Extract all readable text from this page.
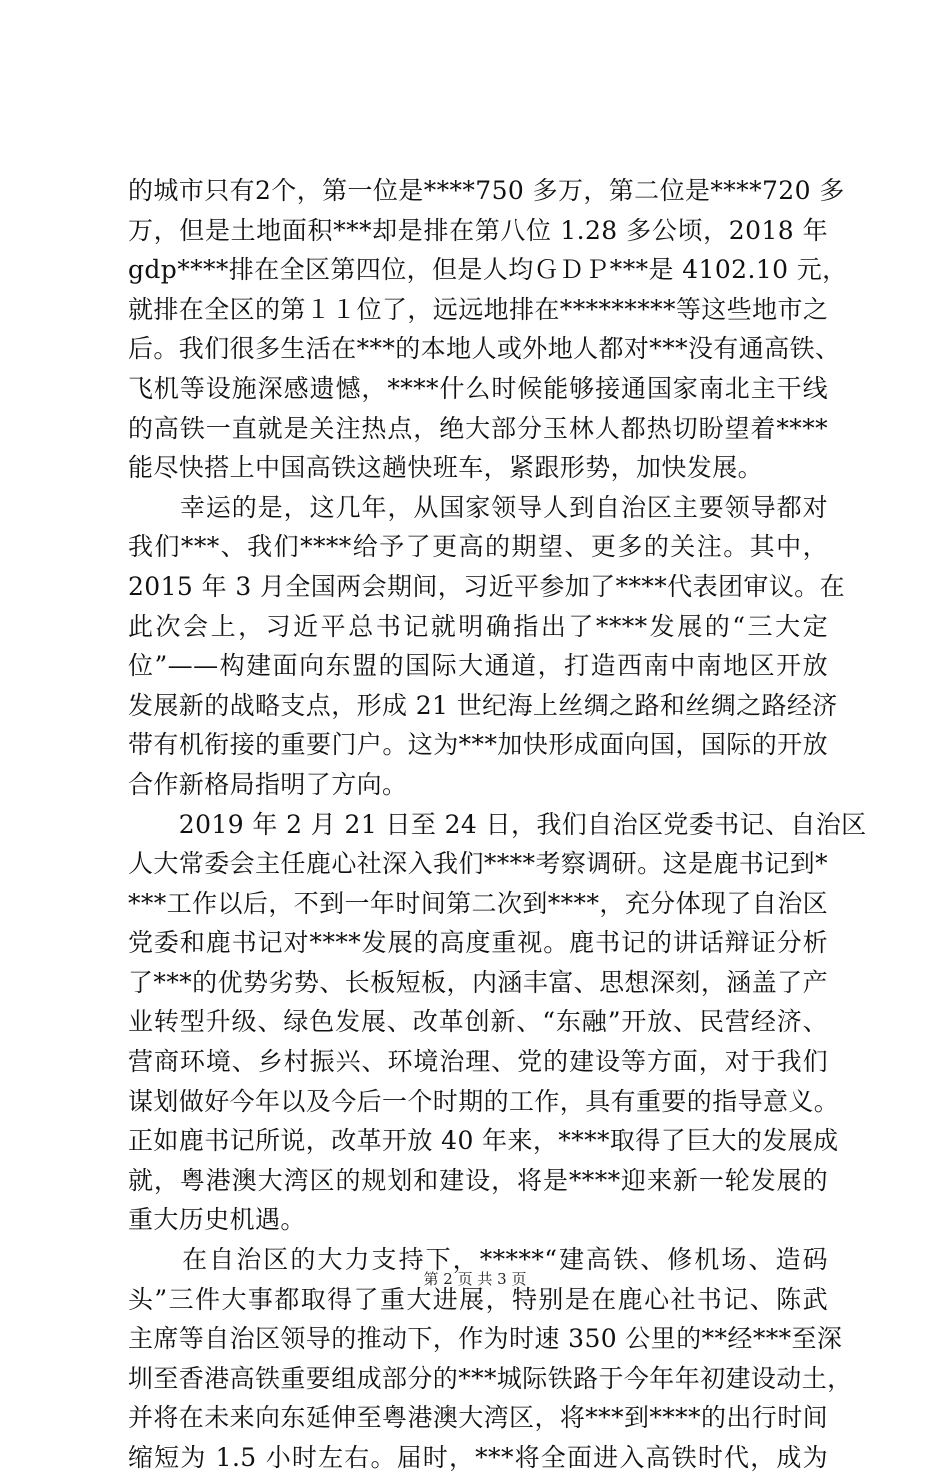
的城市只有2个，第一位是****750 多万，第二位是****720 多
万，但是土地面积***却是排在第八位 1.28 多公顷，2018 年
gdp****排在全区第四位，但是人均ＧＤＰ***是 4102.10 元，
就排在全区的第１１位了，远远地排在*********等这些地市之
后。我们很多生活在***的本地人或外地人都对***没有通高铁、
飞机等设施深感遗憾，****什么时候能够接通国家南北主干线
的高铁一直就是关注热点，绝大部分玉林人都热切盼望着****
能尽快搭上中国高铁这趟快班车，紧跟形势，加快发展。
　　幸运的是，这几年，从国家领导人到自治区主要领导都对
我们***、我们****给予了更高的期望、更多的关注。其中，
2015 年 3 月全国两会期间，习近平参加了****代表团审议。在
此次会上，习近平总书记就明确指出了****发展的“三大定
位”——构建面向东盟的国际大通道，打造西南中南地区开放
发展新的战略支点，形成 21 世纪海上丝绸之路和丝绸之路经济
带有机衔接的重要门户。这为***加快形成面向国，国际的开放
合作新格局指明了方向。
　　2019 年 2 月 21 日至 24 日，我们自治区党委书记、自治区
人大常委会主任鹿心社深入我们****考察调研。这是鹿书记到*
***工作以后，不到一年时间第二次到****，充分体现了自治区
党委和鹿书记对****发展的高度重视。鹿书记的讲话辩证分析
了***的优势劣势、长板短板，内涵丰富、思想深刻，涵盖了产
业转型升级、绿色发展、改革创新、“东融”开放、民营经济、
营商环境、乡村振兴、环境治理、党的建设等方面，对于我们
谋划做好今年以及今后一个时期的工作，具有重要的指导意义。
正如鹿书记所说，改革开放 40 年来，****取得了巨大的发展成
就，粤港澳大湾区的规划和建设，将是****迎来新一轮发展的
重大历史机遇。
　　在自治区的大力支持下，*****“建高铁、修机场、造码
头”三件大事都取得了重大进展，特别是在鹿心社书记、陈武
主席等自治区领导的推动下，作为时速 350 公里的**经***至深
圳至香港高铁重要组成部分的***城际铁路于今年年初建设动土，
并将在未来向东延伸至粤港澳大湾区，将***到****的出行时间
缩短为 1.5 小时左右。届时，***将全面进入高铁时代，成为
第 2 页 共 3 页
